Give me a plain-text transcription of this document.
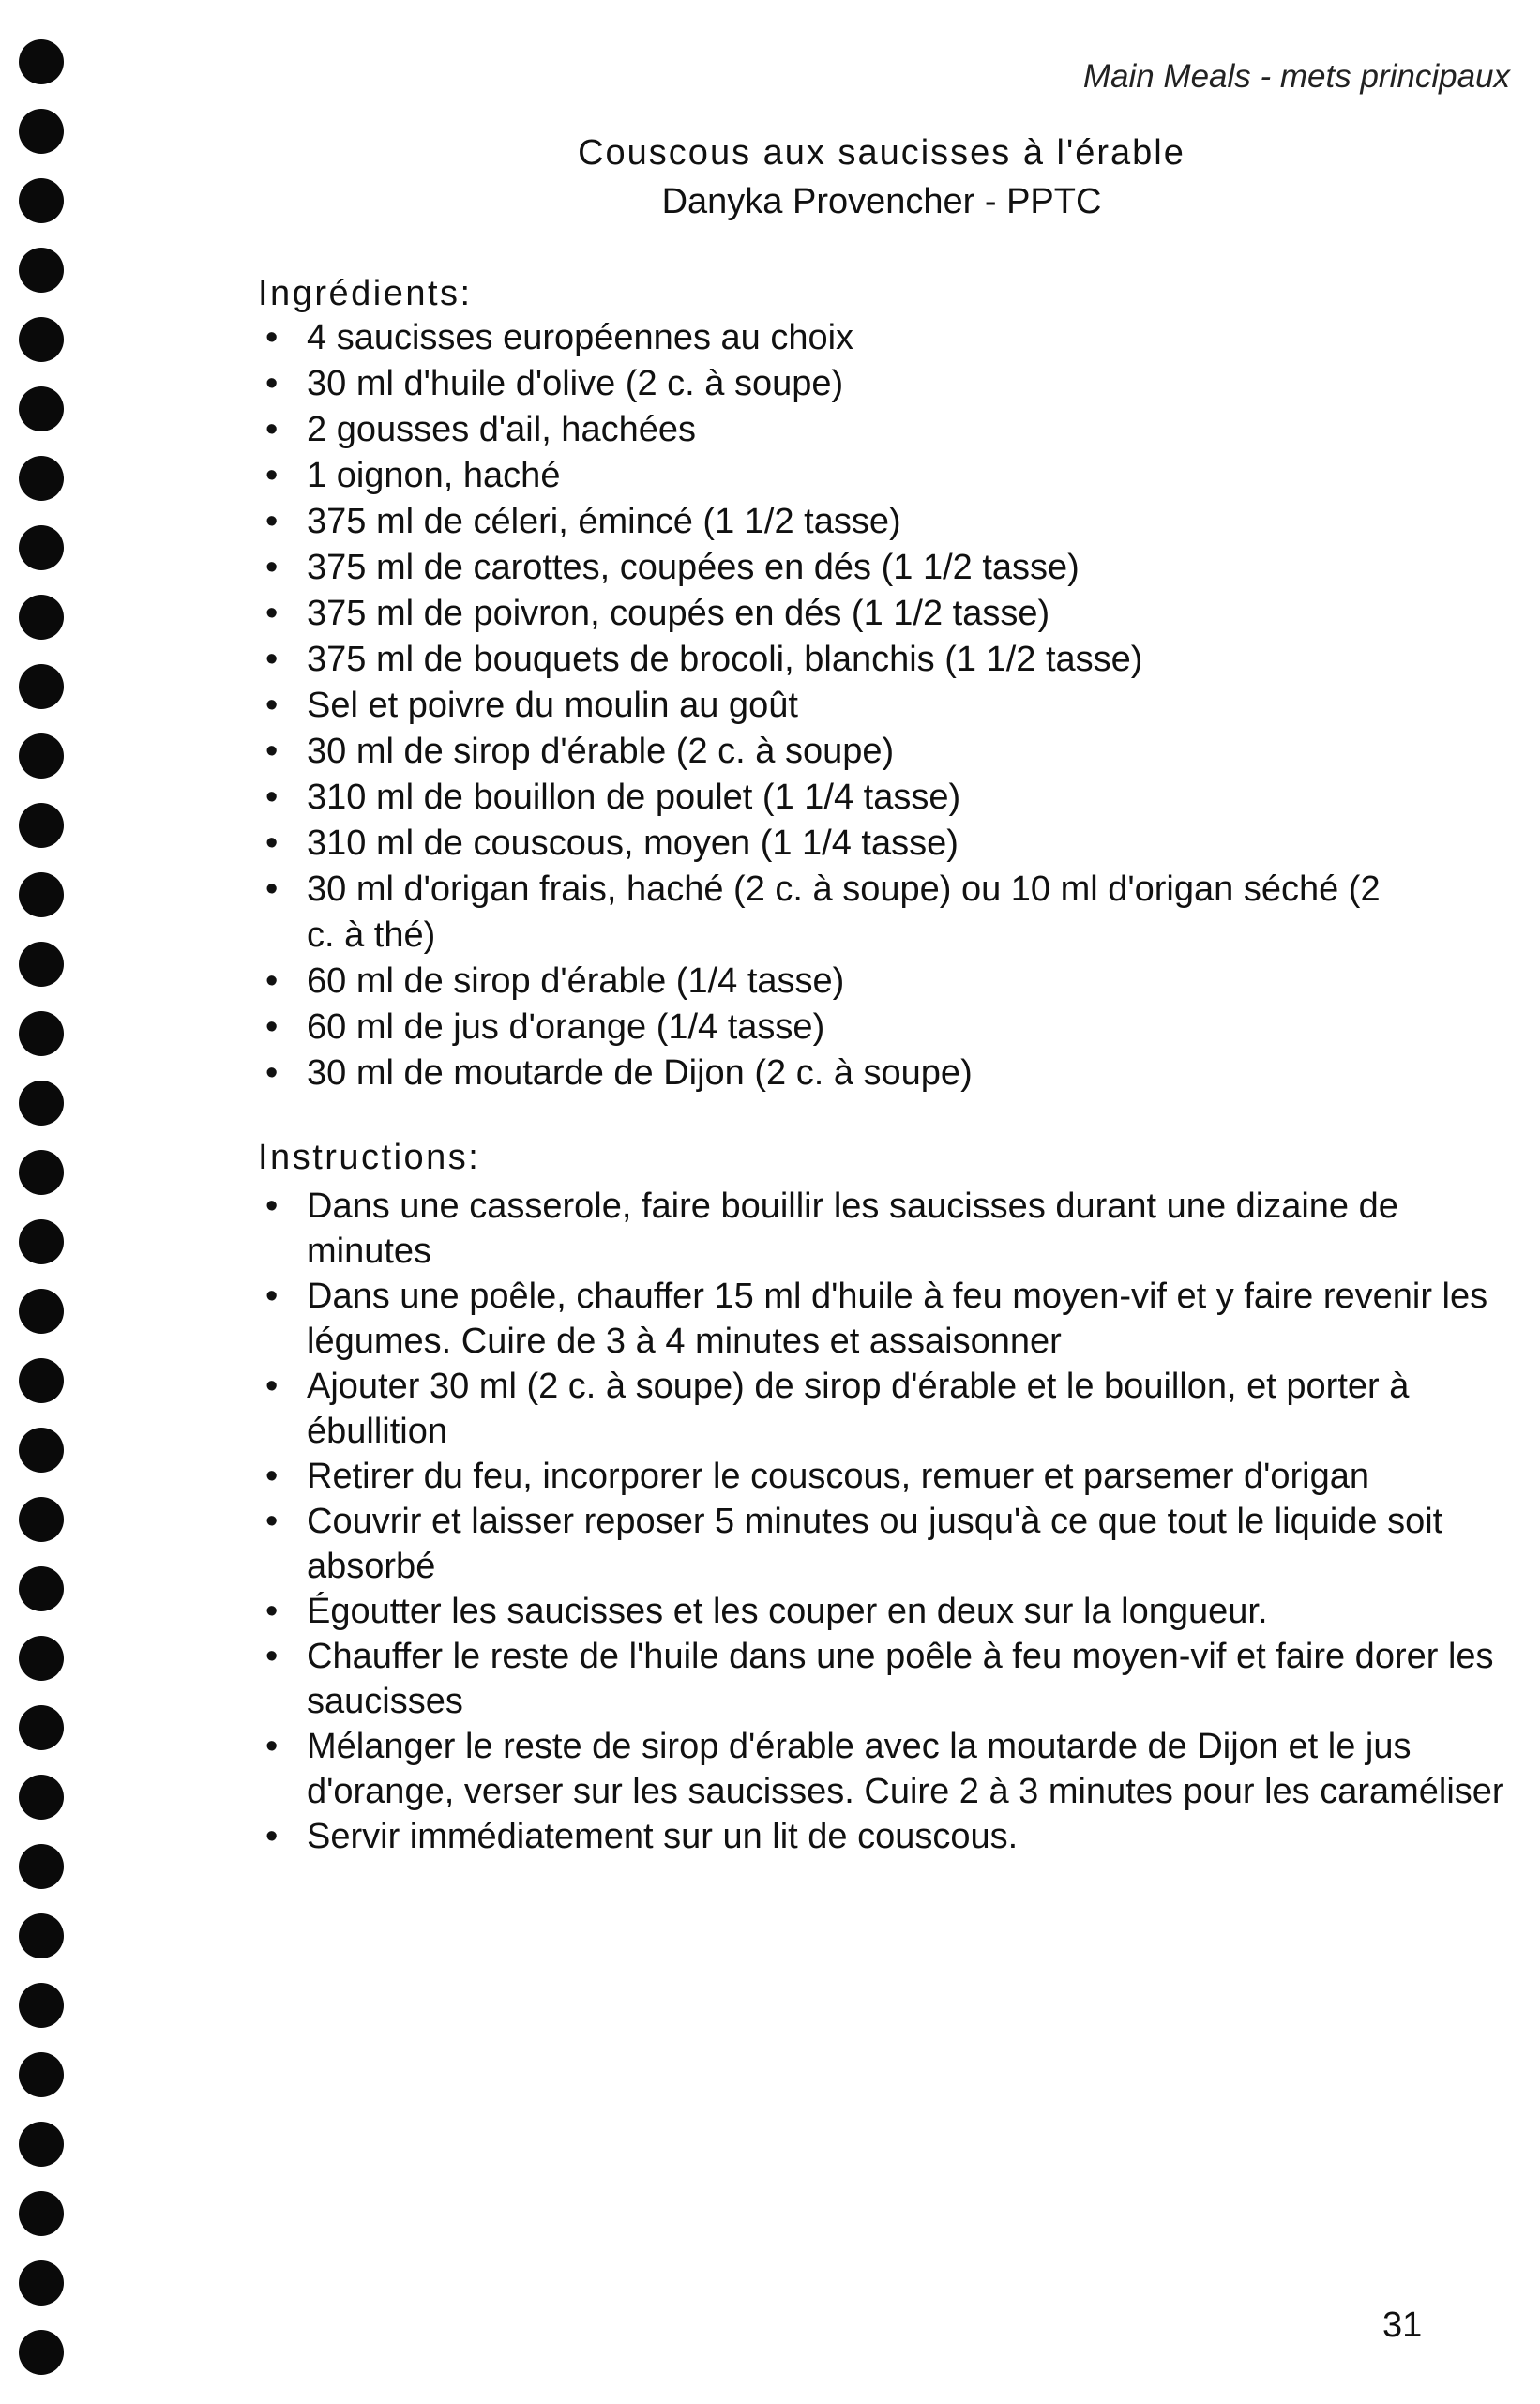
Main Meals - mets principaux
Couscous aux saucisses à l'érable
Danyka Provencher - PPTC
Ingrédients:
• 4 saucisses européennes au choix
• 30 ml d'huile d'olive (2 c. à soupe)
• 2 gousses d'ail, hachées
• 1 oignon, haché
• 375 ml de céleri, émincé (1 1/2 tasse)
• 375 ml de carottes, coupées en dés (1 1/2 tasse)
• 375 ml de poivron, coupés en dés (1 1/2 tasse)
• 375 ml de bouquets de brocoli, blanchis (1 1/2 tasse)
• Sel et poivre du moulin au goût
• 30 ml de sirop d'érable (2 c. à soupe)
• 310 ml de bouillon de poulet (1 1/4 tasse)
• 310 ml de couscous, moyen (1 1/4 tasse)
• 30 ml d'origan frais, haché (2 c. à soupe) ou 10 ml d'origan séché (2
c. à thé)
• 60 ml de sirop d'érable (1/4 tasse)
• 60 ml de jus d'orange (1/4 tasse)
• 30 ml de moutarde de Dijon (2 c. à soupe)
Instructions:
• Dans une casserole, faire bouillir les saucisses durant une dizaine de minutes
• Dans une poêle, chauffer 15 ml d'huile à feu moyen-vif et y faire revenir les légumes. Cuire de 3 à 4 minutes et assaisonner
• Ajouter 30 ml (2 c. à soupe) de sirop d'érable et le bouillon, et porter à ébullition
• Retirer du feu, incorporer le couscous, remuer et parsemer d'origan
• Couvrir et laisser reposer 5 minutes ou jusqu'à ce que tout le liquide soit absorbé
• Égoutter les saucisses et les couper en deux sur la longueur.
• Chauffer le reste de l'huile dans une poêle à feu moyen-vif et faire dorer les saucisses
• Mélanger le reste de sirop d'érable avec la moutarde de Dijon et le jus d'orange, verser sur les saucisses. Cuire 2 à 3 minutes pour les caraméliser
• Servir immédiatement sur un lit de couscous.
31
